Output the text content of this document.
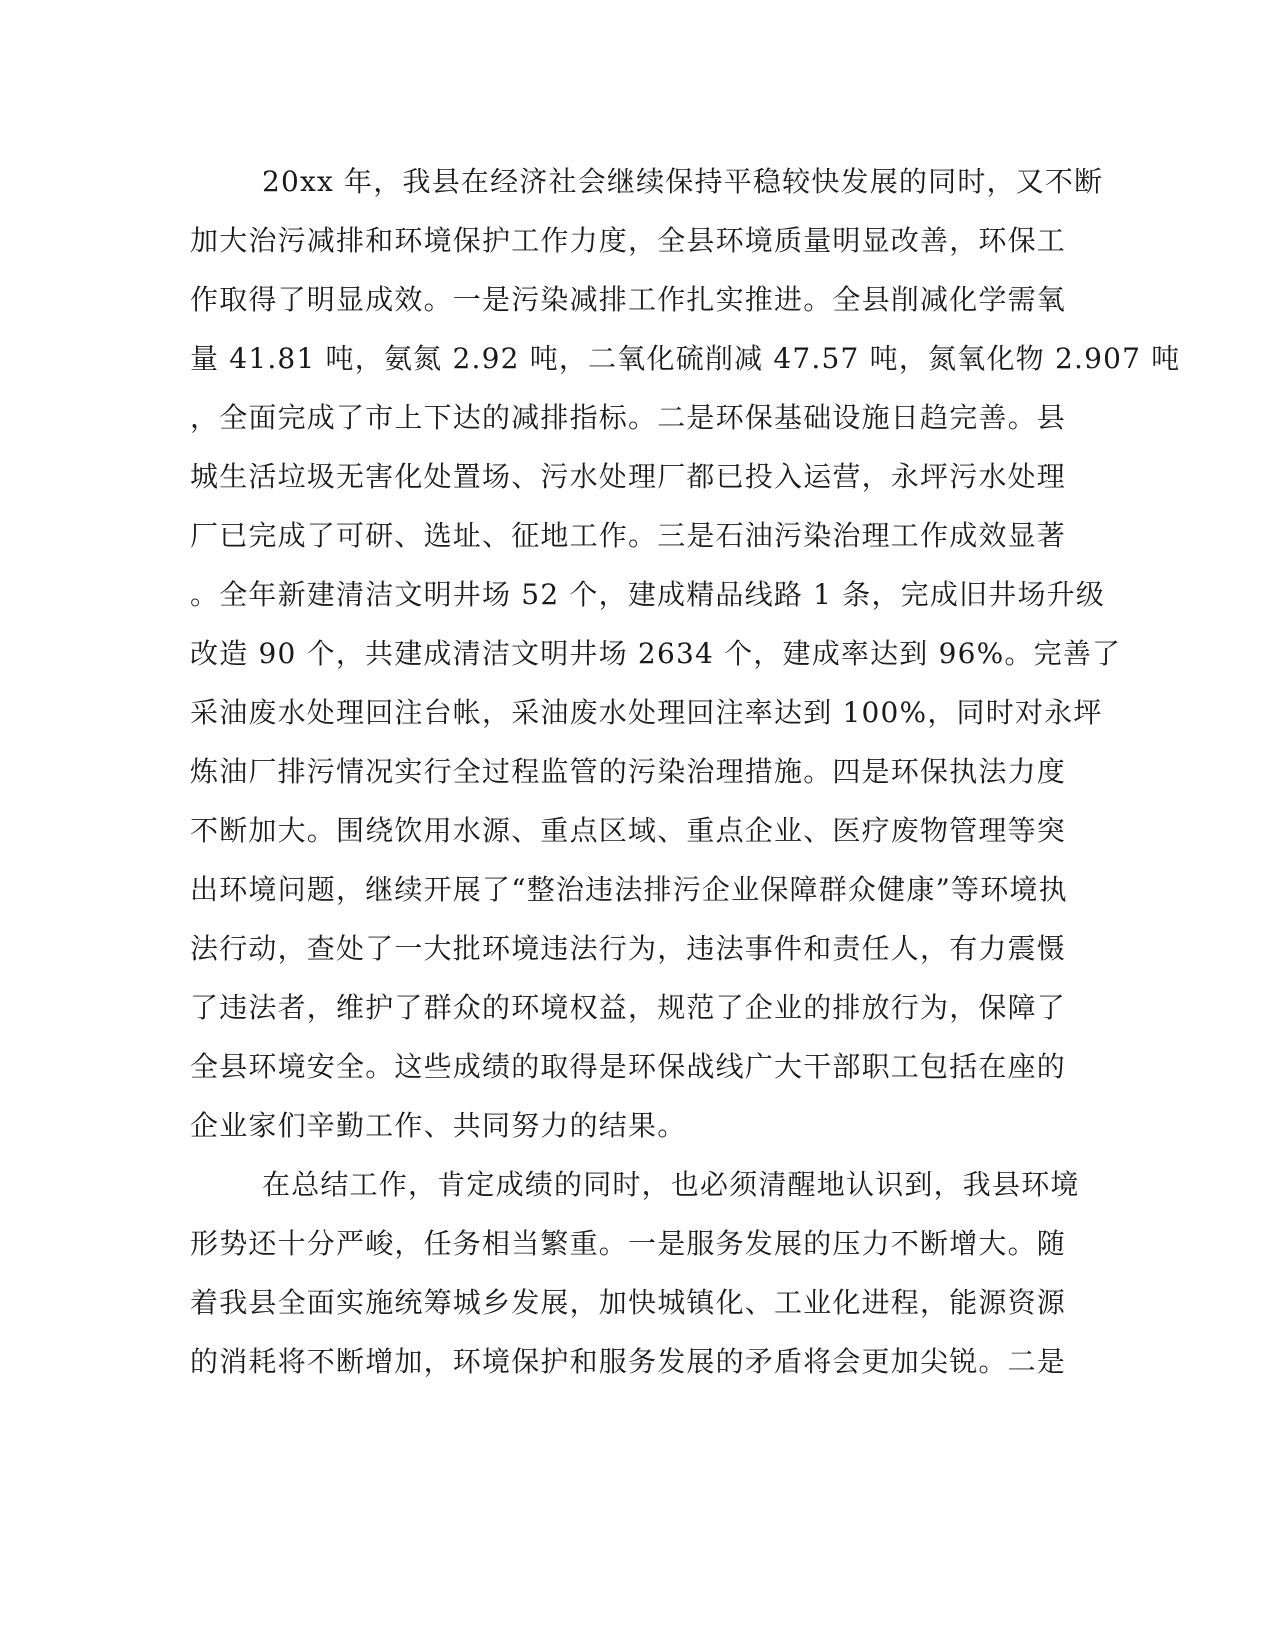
20xx 年，我县在经济社会继续保持平稳较快发展的同时，又不断
加大治污减排和环境保护工作力度，全县环境质量明显改善，环保工
作取得了明显成效。一是污染减排工作扎实推进。全县削减化学需氧
量 41.81 吨，氨氮 2.92 吨，二氧化硫削减 47.57 吨，氮氧化物 2.907 吨
，全面完成了市上下达的减排指标。二是环保基础设施日趋完善。县
城生活垃圾无害化处置场、污水处理厂都已投入运营，永坪污水处理
厂已完成了可研、选址、征地工作。三是石油污染治理工作成效显著
。全年新建清洁文明井场 52 个，建成精品线路 1 条，完成旧井场升级
改造 90 个，共建成清洁文明井场 2634 个，建成率达到 96%。完善了
采油废水处理回注台帐，采油废水处理回注率达到 100%，同时对永坪
炼油厂排污情况实行全过程监管的污染治理措施。四是环保执法力度
不断加大。围绕饮用水源、重点区域、重点企业、医疗废物管理等突
出环境问题，继续开展了“整治违法排污企业保障群众健康”等环境执
法行动，查处了一大批环境违法行为，违法事件和责任人，有力震慑
了违法者，维护了群众的环境权益，规范了企业的排放行为，保障了
全县环境安全。这些成绩的取得是环保战线广大干部职工包括在座的
企业家们辛勤工作、共同努力的结果。
在总结工作，肯定成绩的同时，也必须清醒地认识到，我县环境
形势还十分严峻，任务相当繁重。一是服务发展的压力不断增大。随
着我县全面实施统筹城乡发展，加快城镇化、工业化进程，能源资源
的消耗将不断增加，环境保护和服务发展的矛盾将会更加尖锐。二是
